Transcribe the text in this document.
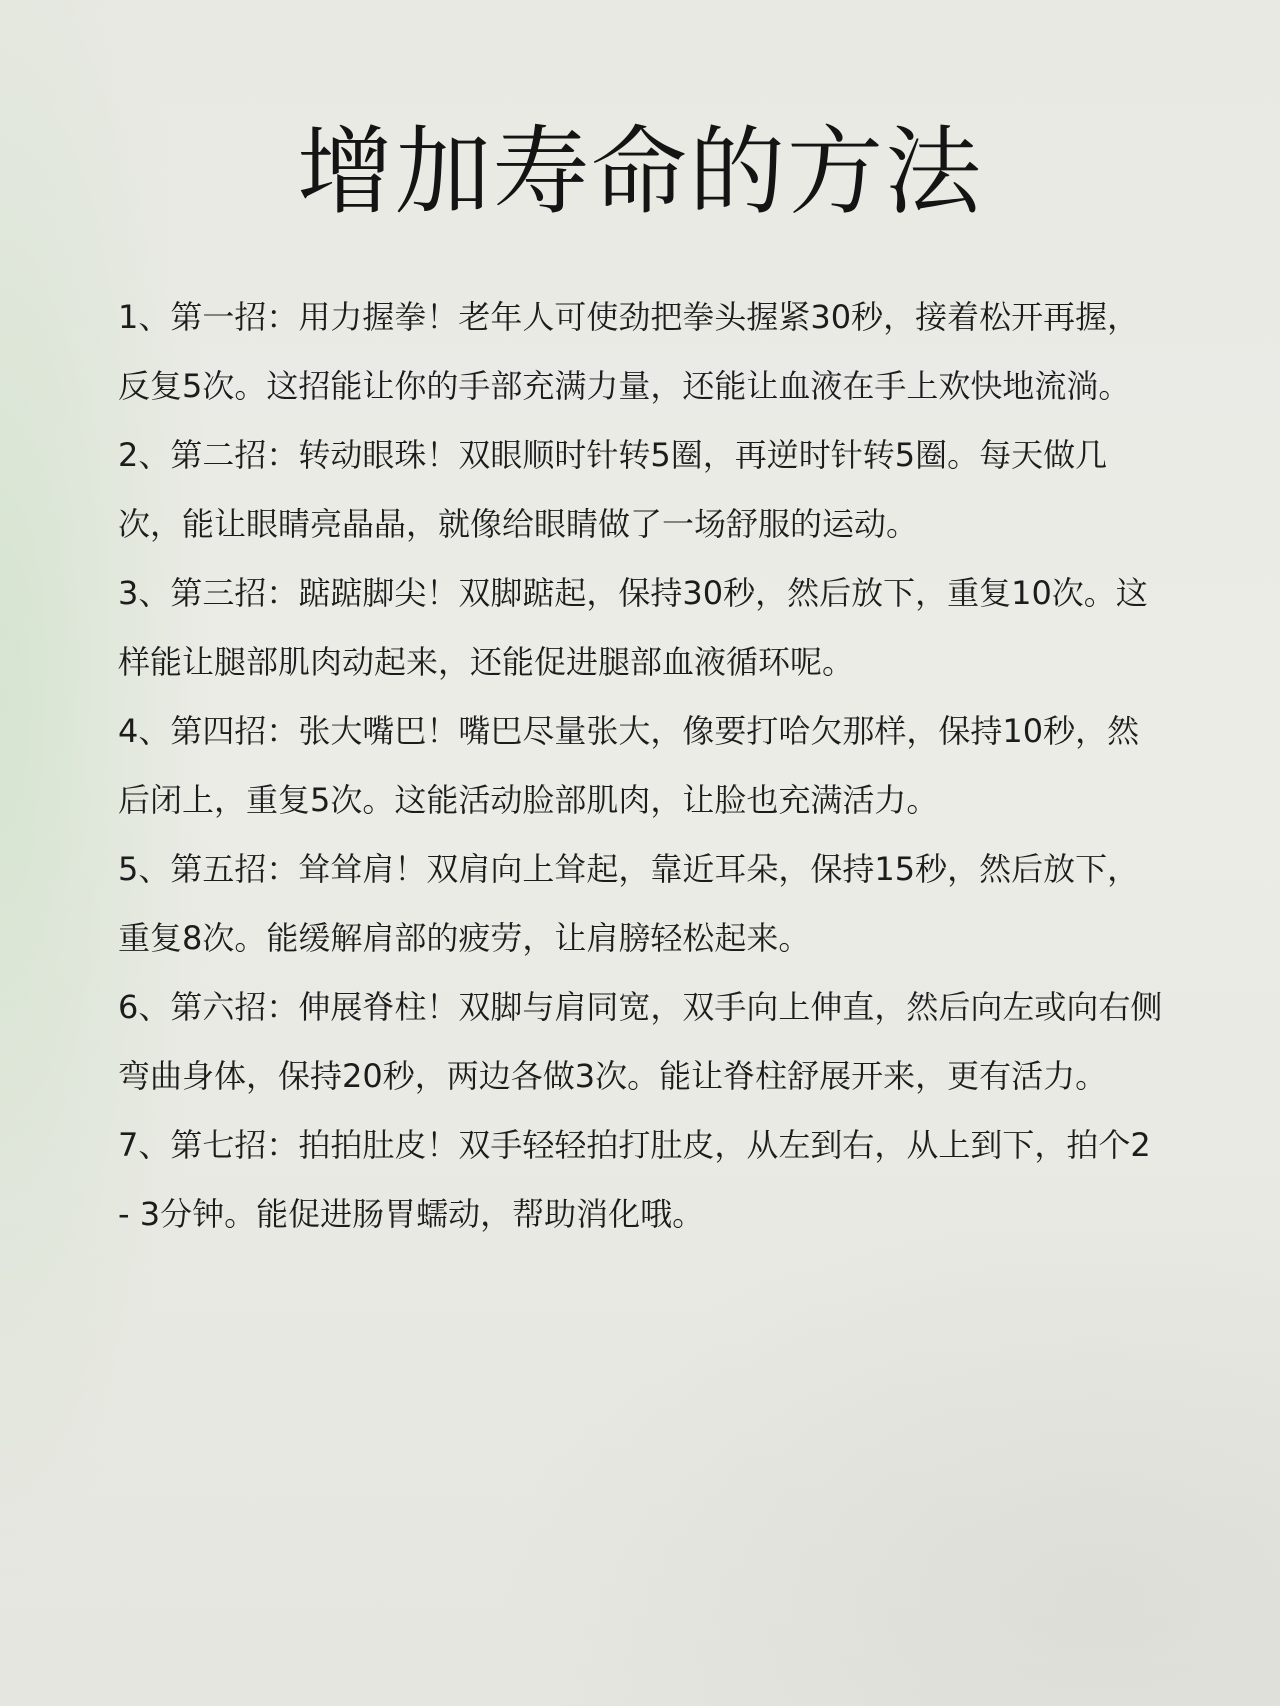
增加寿命的方法

1、第一招：用力握拳！老年人可使劲把拳头握紧30秒，接着松开再握，反复5次。这招能让你的手部充满力量，还能让血液在手上欢快地流淌。

2、第二招：转动眼珠！双眼顺时针转5圈，再逆时针转5圈。每天做几次，能让眼睛亮晶晶，就像给眼睛做了一场舒服的运动。

3、第三招：踮踮脚尖！双脚踮起，保持30秒，然后放下，重复10次。这样能让腿部肌肉动起来，还能促进腿部血液循环呢。

4、第四招：张大嘴巴！嘴巴尽量张大，像要打哈欠那样，保持10秒，然后闭上，重复5次。这能活动脸部肌肉，让脸也充满活力。

5、第五招：耸耸肩！双肩向上耸起，靠近耳朵，保持15秒，然后放下，重复8次。能缓解肩部的疲劳，让肩膀轻松起来。

6、第六招：伸展脊柱！双脚与肩同宽，双手向上伸直，然后向左或向右侧弯曲身体，保持20秒，两边各做3次。能让脊柱舒展开来，更有活力。

7、第七招：拍拍肚皮！双手轻轻拍打肚皮，从左到右，从上到下，拍个2 - 3分钟。能促进肠胃蠕动，帮助消化哦。
